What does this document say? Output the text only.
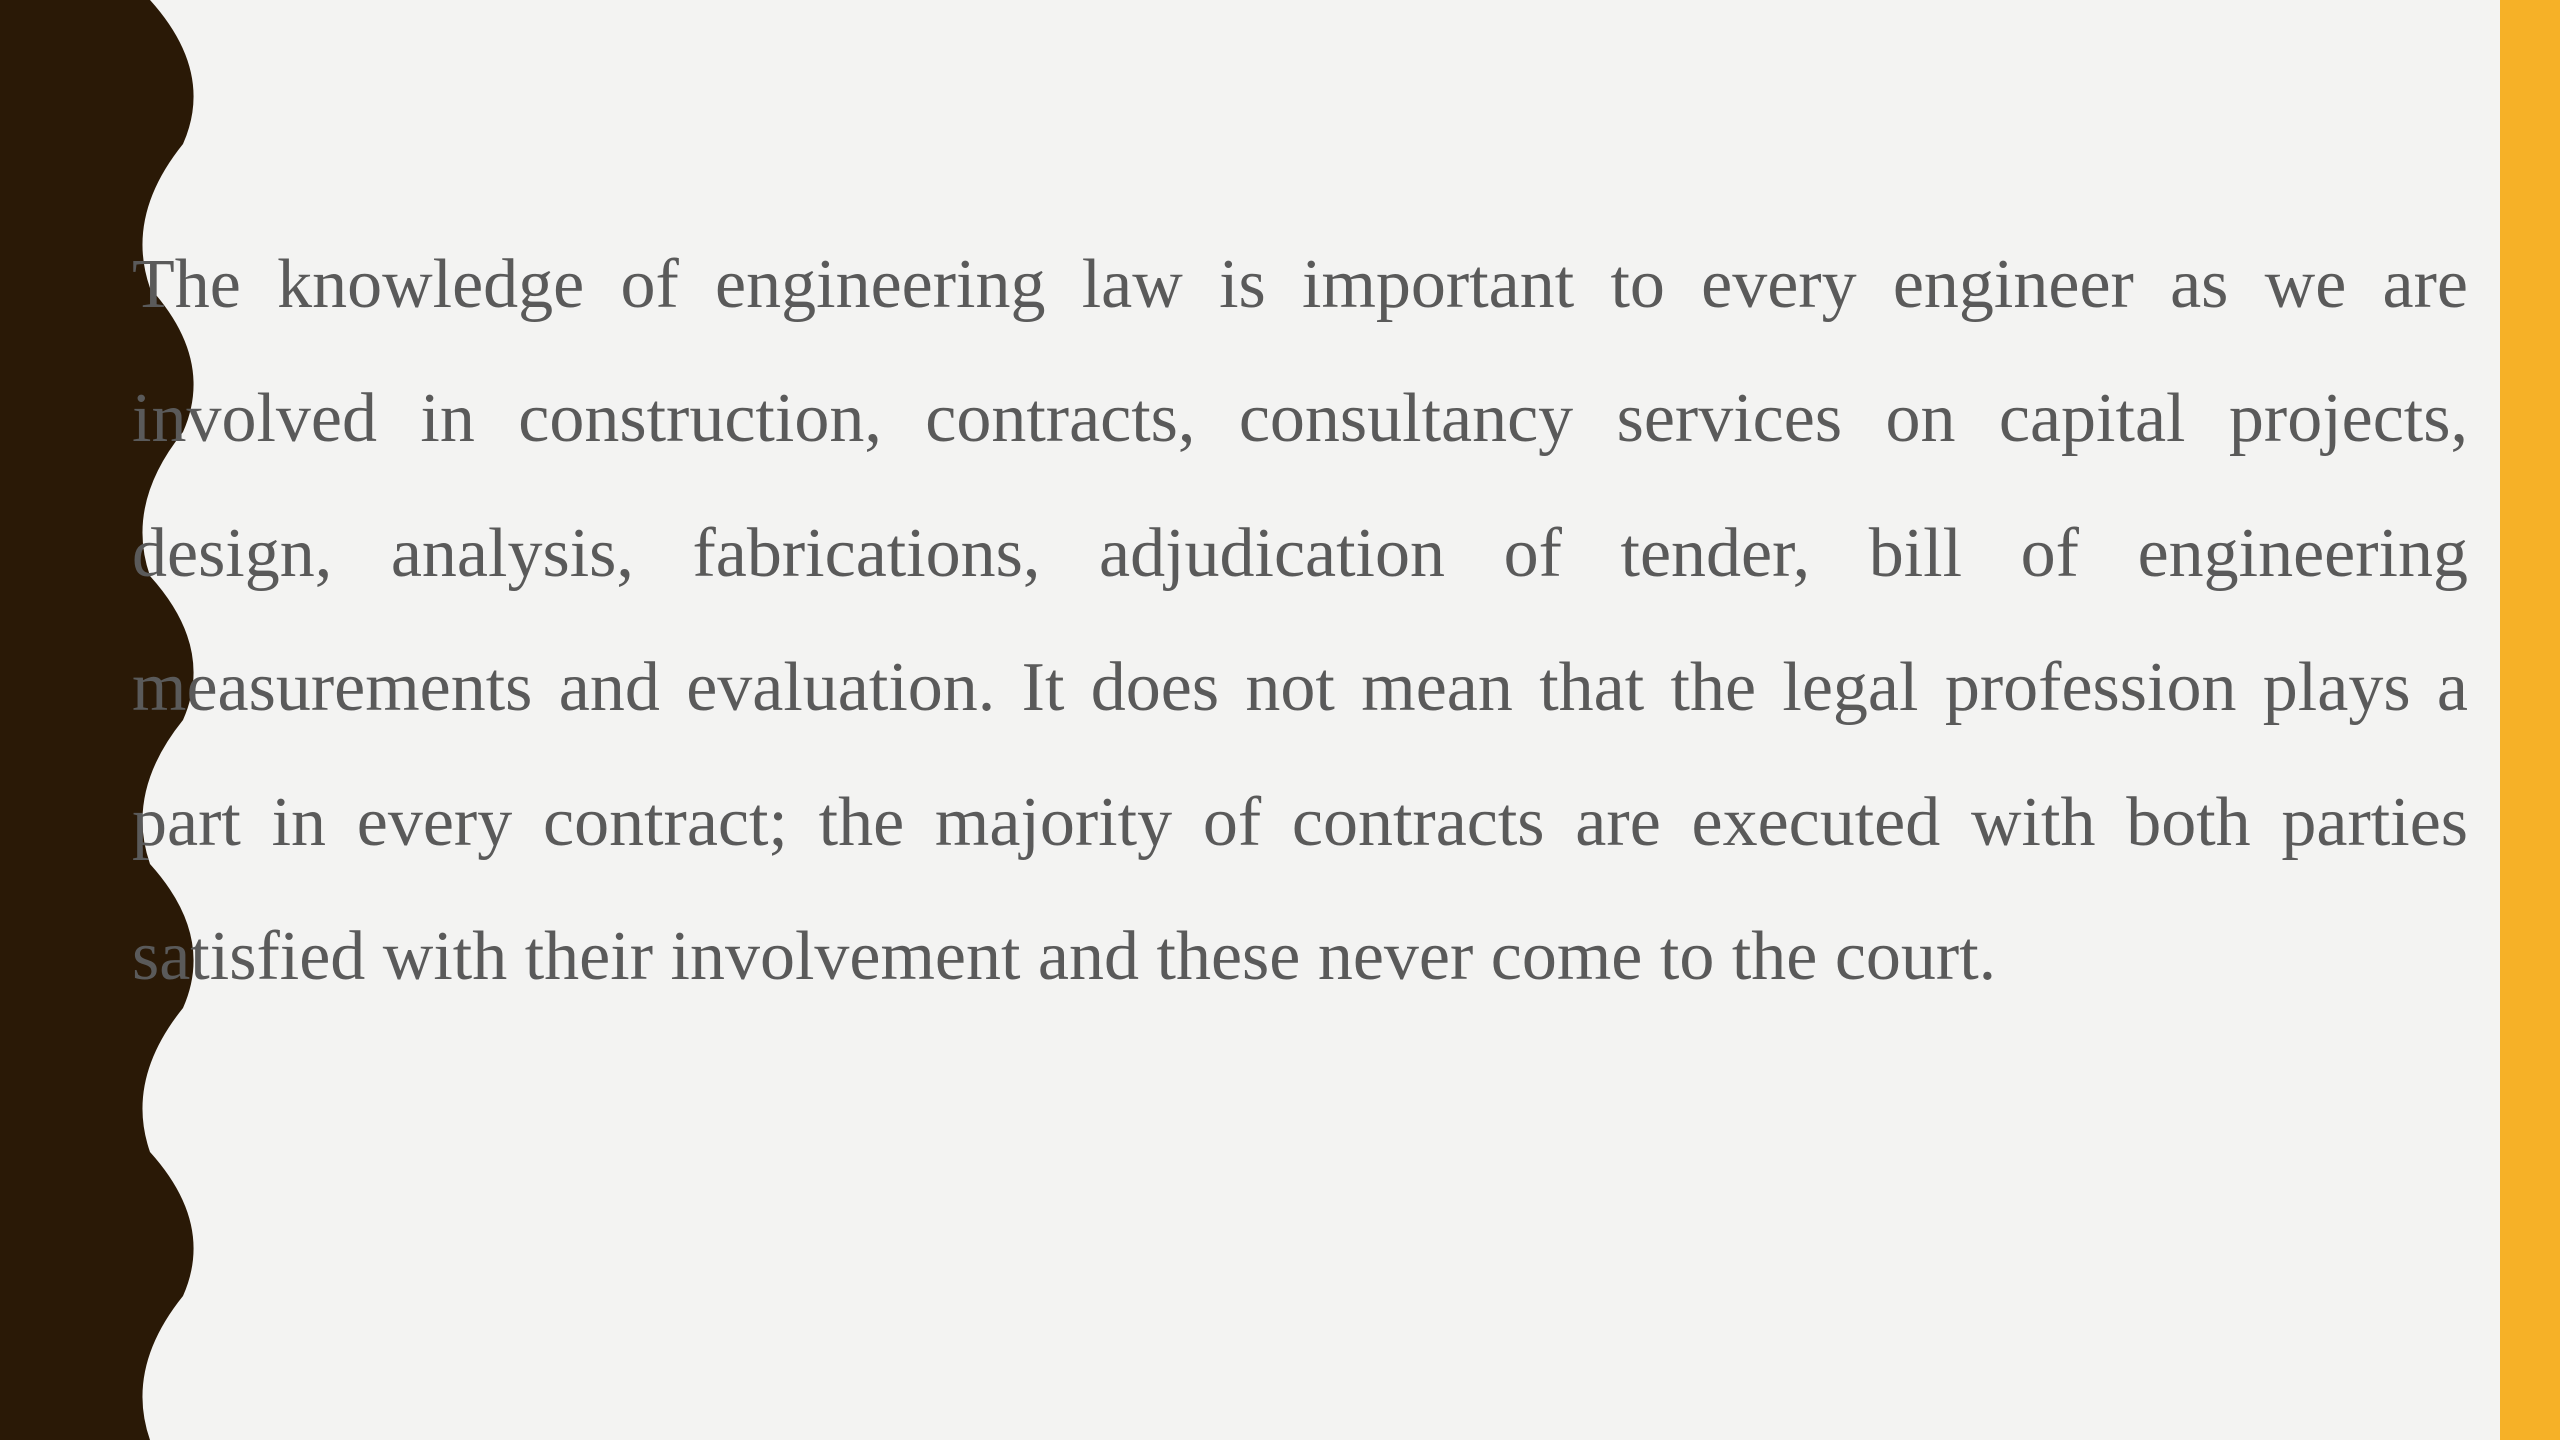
The knowledge of engineering law is important to every engineer as we are involved in construction, contracts, consultancy services on capital projects, design, analysis, fabrications, adjudication of tender, bill of engineering measurements and evaluation. It does not mean that the legal profession plays a part in every contract; the majority of contracts are executed with both parties satisfied with their involvement and these never come to the court.
